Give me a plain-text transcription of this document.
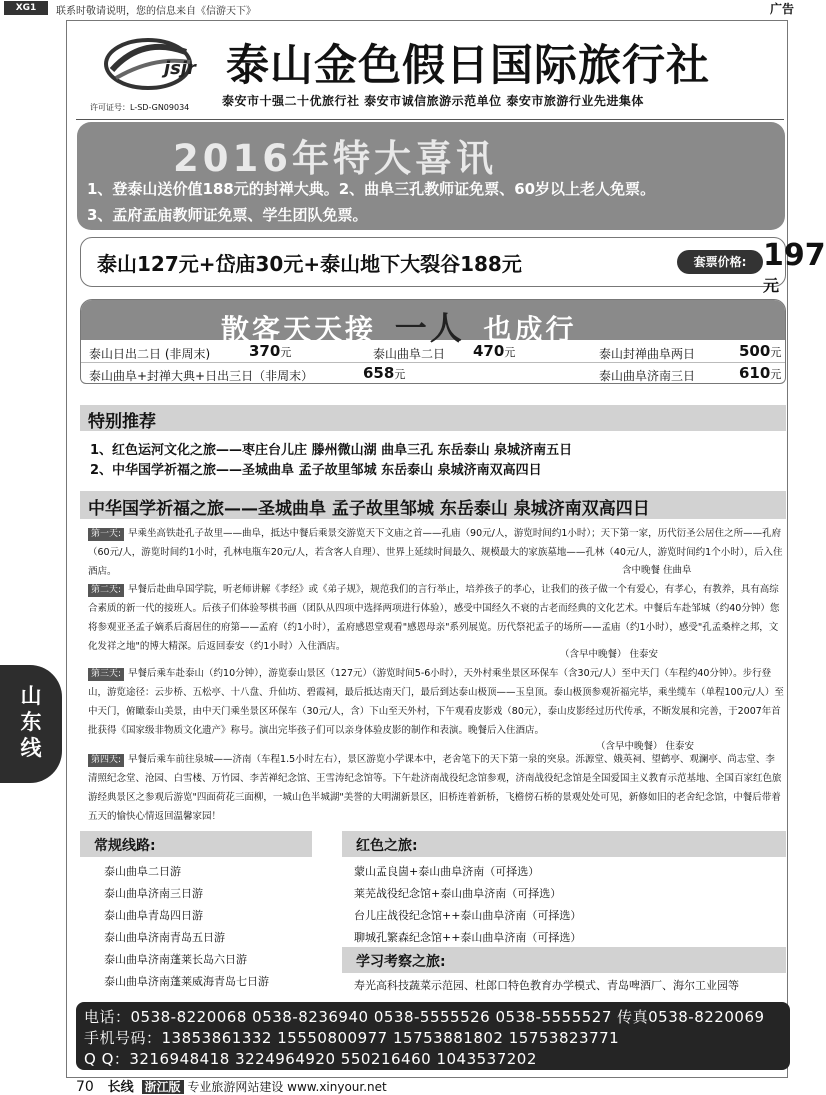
XG1	联系时敬请说明，您的信息来自《信游天下》	广告
山
东
线
jsjr 泰山金色假日国际旅行社
许可证号：L-SD-GN09034	泰安市十强二十优旅行社 泰安市诚信旅游示范单位 泰安市旅游行业先进集体
2016年特大喜讯
1、登泰山送价值188元的封禅大典。2、曲阜三孔教师证免票、60岁以上老人免票。
3、孟府孟庙教师证免票、学生团队免票。
泰山127元+岱庙30元+泰山地下大裂谷188元	套票价格: 197元
散客天天接 一人 也成行
泰山日出二日 (非周末)	370元	泰山曲阜二日 470元	泰山封禅曲阜两日	500元
泰山曲阜+封禅大典+日出三日（非周末）	658元	泰山曲阜济南三日	610元
特别推荐
1、红色运河文化之旅——枣庄台儿庄 滕州微山湖 曲阜三孔 东岳泰山 泉城济南五日
2、中华国学祈福之旅——圣城曲阜 孟子故里邹城 东岳泰山 泉城济南双高四日
中华国学祈福之旅——圣城曲阜 孟子故里邹城 东岳泰山 泉城济南双高四日
第一天: 早乘坐高铁赴孔子故里——曲阜，抵达中餐后乘景交游览天下文庙之首——孔庙（90元/人，游览时间约1小时）；天下第一家，历代衍圣公居住之所——孔府（60元/人，游览时间约1小时，孔林电瓶车20元/人，若含客人自理）、世界上延续时间最久、规模最大的家族墓地——孔林（40元/人，游览时间约1个小时），后入住酒店。	含中晚餐 住曲阜
第二天: 早餐后赴曲阜国学院，听老师讲解《孝经》或《弟子规》，规范我们的言行举止，培养孩子的孝心，让我们的孩子做一个有爱心，有孝心，有教养，具有高综合素质的新一代的接班人。后孩子们体验琴棋书画（团队从四项中选择两项进行体验），感受中国经久不衰的古老而经典的文化艺术。中餐后车赴邹城（约40分钟）您将参观亚圣孟子嫡系后裔居住的府第——孟府（约1小时），孟府感恩堂观看"感恩母亲"系列展览。历代祭祀孟子的场所——孟庙（约1小时），感受"孔孟桑梓之邦，文化发祥之地"的博大精深。后返回泰安（约1小时）入住酒店。
（含早中晚餐） 住泰安
第三天: 早餐后乘车赴泰山（约10分钟），游览泰山景区（127元）（游览时间5-6小时），天外村乘坐景区环保车（含30元/人）至中天门（车程约40分钟）。步行登山，游览途径：云步桥、五松亭、十八盘、升仙坊、碧霞祠，最后抵达南天门，最后到达泰山极顶——玉皇顶。泰山极顶参观祈福完毕，乘坐缆车（单程100元/人）至中天门，俯瞰泰山美景，由中天门乘坐景区环保车（30元/人，含）下山至天外村，下午观看皮影戏（80元），泰山皮影经过历代传承，不断发展和完善，于2007年首批获得《国家级非物质文化遗产》称号。演出完毕孩子们可以亲身体验皮影的制作和表演。晚餐后入住酒店。
（含早中晚餐） 住泰安
第四天: 早餐后乘车前往泉城——济南（车程1.5小时左右），景区游览小学课本中，老舍笔下的天下第一泉的突泉。泺源堂、娥英祠、望鹤亭、观澜亭、尚志堂、李清照纪念堂、沧园、白雪楼、万竹园、李苦禅纪念馆、王雪涛纪念馆等。下午赴济南战役纪念馆参观，济南战役纪念馆是全国爱国主义教育示范基地、全国百家红色旅游经典景区之参观后游览"四面荷花三面柳，一城山色半城湖"美誉的大明湖新景区，旧桥连着新桥，飞檐傍石桥的景观处处可见，新修如旧的老舍纪念馆，中餐后带着五天的愉快心情返回温馨家园！
常规线路:
泰山曲阜二日游
泰山曲阜济南三日游
泰山曲阜青岛四日游
泰山曲阜济南青岛五日游
泰山曲阜济南蓬莱长岛六日游
泰山曲阜济南蓬莱威海青岛七日游
红色之旅:
蒙山孟良崮+泰山曲阜济南（可择选）
莱芜战役纪念馆+泰山曲阜济南（可择选）
台儿庄战役纪念馆++泰山曲阜济南（可择选）
聊城孔繁森纪念馆++泰山曲阜济南（可择选）
学习考察之旅:
寿光高科技蔬菜示范园、杜郎口特色教育办学模式、青岛啤酒厂、海尔工业园等
电话：0538-8220068 0538-8236940 0538-5555526 0538-5555527 传真0538-8220069
手机号码：13853861332 15550800977 15753881802 15753823771
Q Q：3216948418 3224964920 550216460 1043537202
70 长线 浙江版 专业旅游网站建设 www.xinyour.net
